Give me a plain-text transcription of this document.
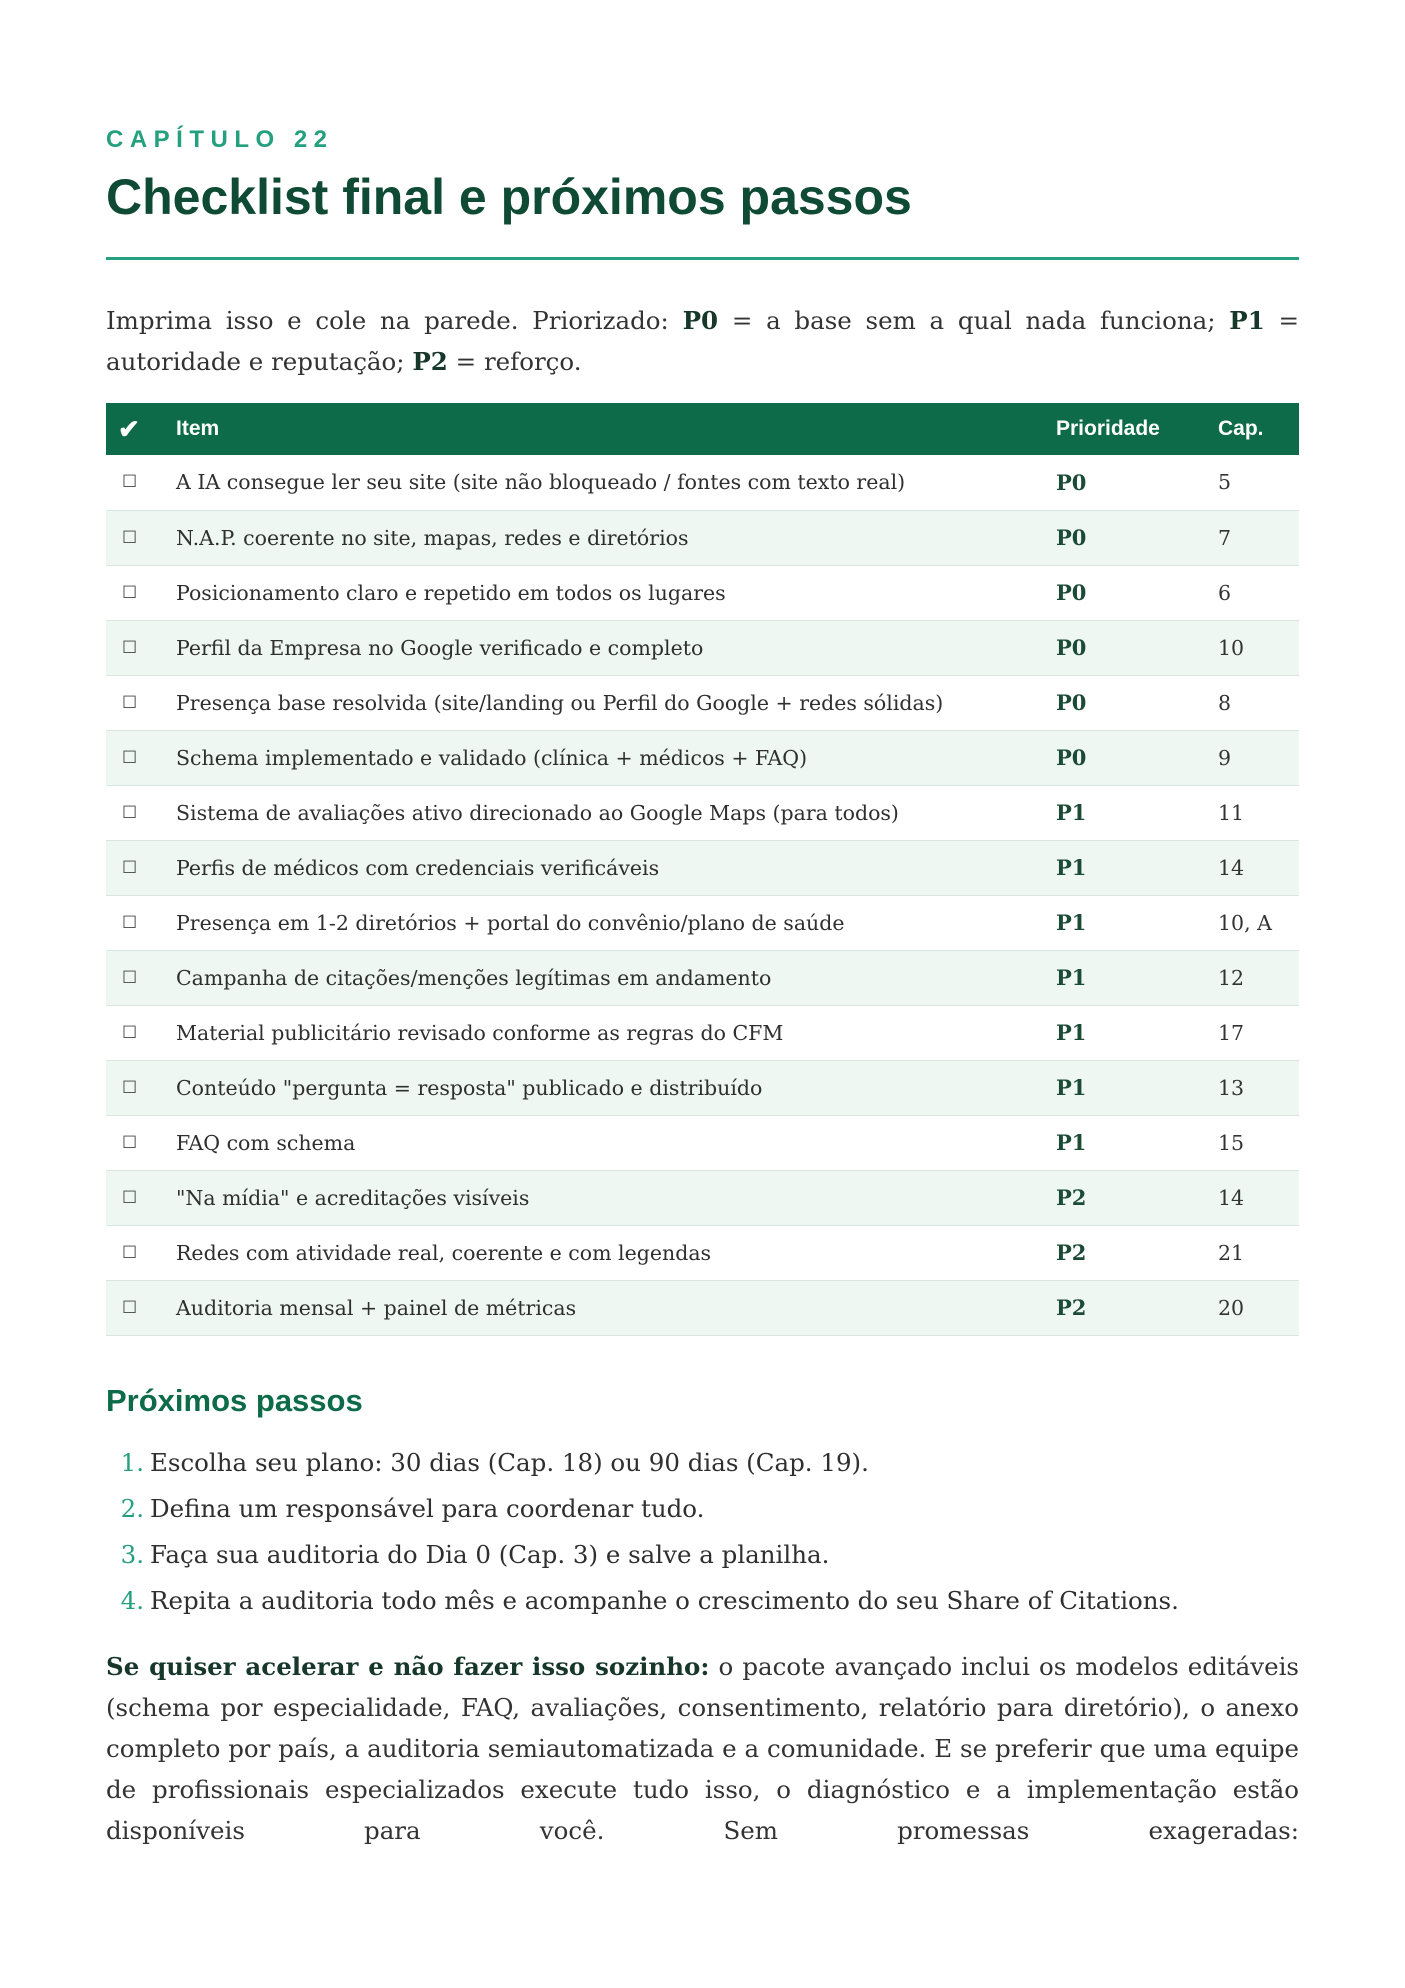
CAPÍTULO 22
Checklist final e próximos passos

Imprima isso e cole na parede. Priorizado: P0 = a base sem a qual nada funciona; P1 = autoridade e reputação; P2 = reforço.

✔	Item	Prioridade	Cap.
☐	A IA consegue ler seu site (site não bloqueado / fontes com texto real)	P0	5
☐	N.A.P. coerente no site, mapas, redes e diretórios	P0	7
☐	Posicionamento claro e repetido em todos os lugares	P0	6
☐	Perfil da Empresa no Google verificado e completo	P0	10
☐	Presença base resolvida (site/landing ou Perfil do Google + redes sólidas)	P0	8
☐	Schema implementado e validado (clínica + médicos + FAQ)	P0	9
☐	Sistema de avaliações ativo direcionado ao Google Maps (para todos)	P1	11
☐	Perfis de médicos com credenciais verificáveis	P1	14
☐	Presença em 1-2 diretórios + portal do convênio/plano de saúde	P1	10, A
☐	Campanha de citações/menções legítimas em andamento	P1	12
☐	Material publicitário revisado conforme as regras do CFM	P1	17
☐	Conteúdo "pergunta = resposta" publicado e distribuído	P1	13
☐	FAQ com schema	P1	15
☐	"Na mídia" e acreditações visíveis	P2	14
☐	Redes com atividade real, coerente e com legendas	P2	21
☐	Auditoria mensal + painel de métricas	P2	20
Próximos passos
1. Escolha seu plano: 30 dias (Cap. 18) ou 90 dias (Cap. 19).
2. Defina um responsável para coordenar tudo.
3. Faça sua auditoria do Dia 0 (Cap. 3) e salve a planilha.
4. Repita a auditoria todo mês e acompanhe o crescimento do seu Share of Citations.

Se quiser acelerar e não fazer isso sozinho: o pacote avançado inclui os modelos editáveis (schema por especialidade, FAQ, avaliações, consentimento, relatório para diretório), o anexo completo por país, a auditoria semiautomatizada e a comunidade. E se preferir que uma equipe de profissionais especializados execute tudo isso, o diagnóstico e a implementação estão disponíveis para você. Sem promessas exageradas:
